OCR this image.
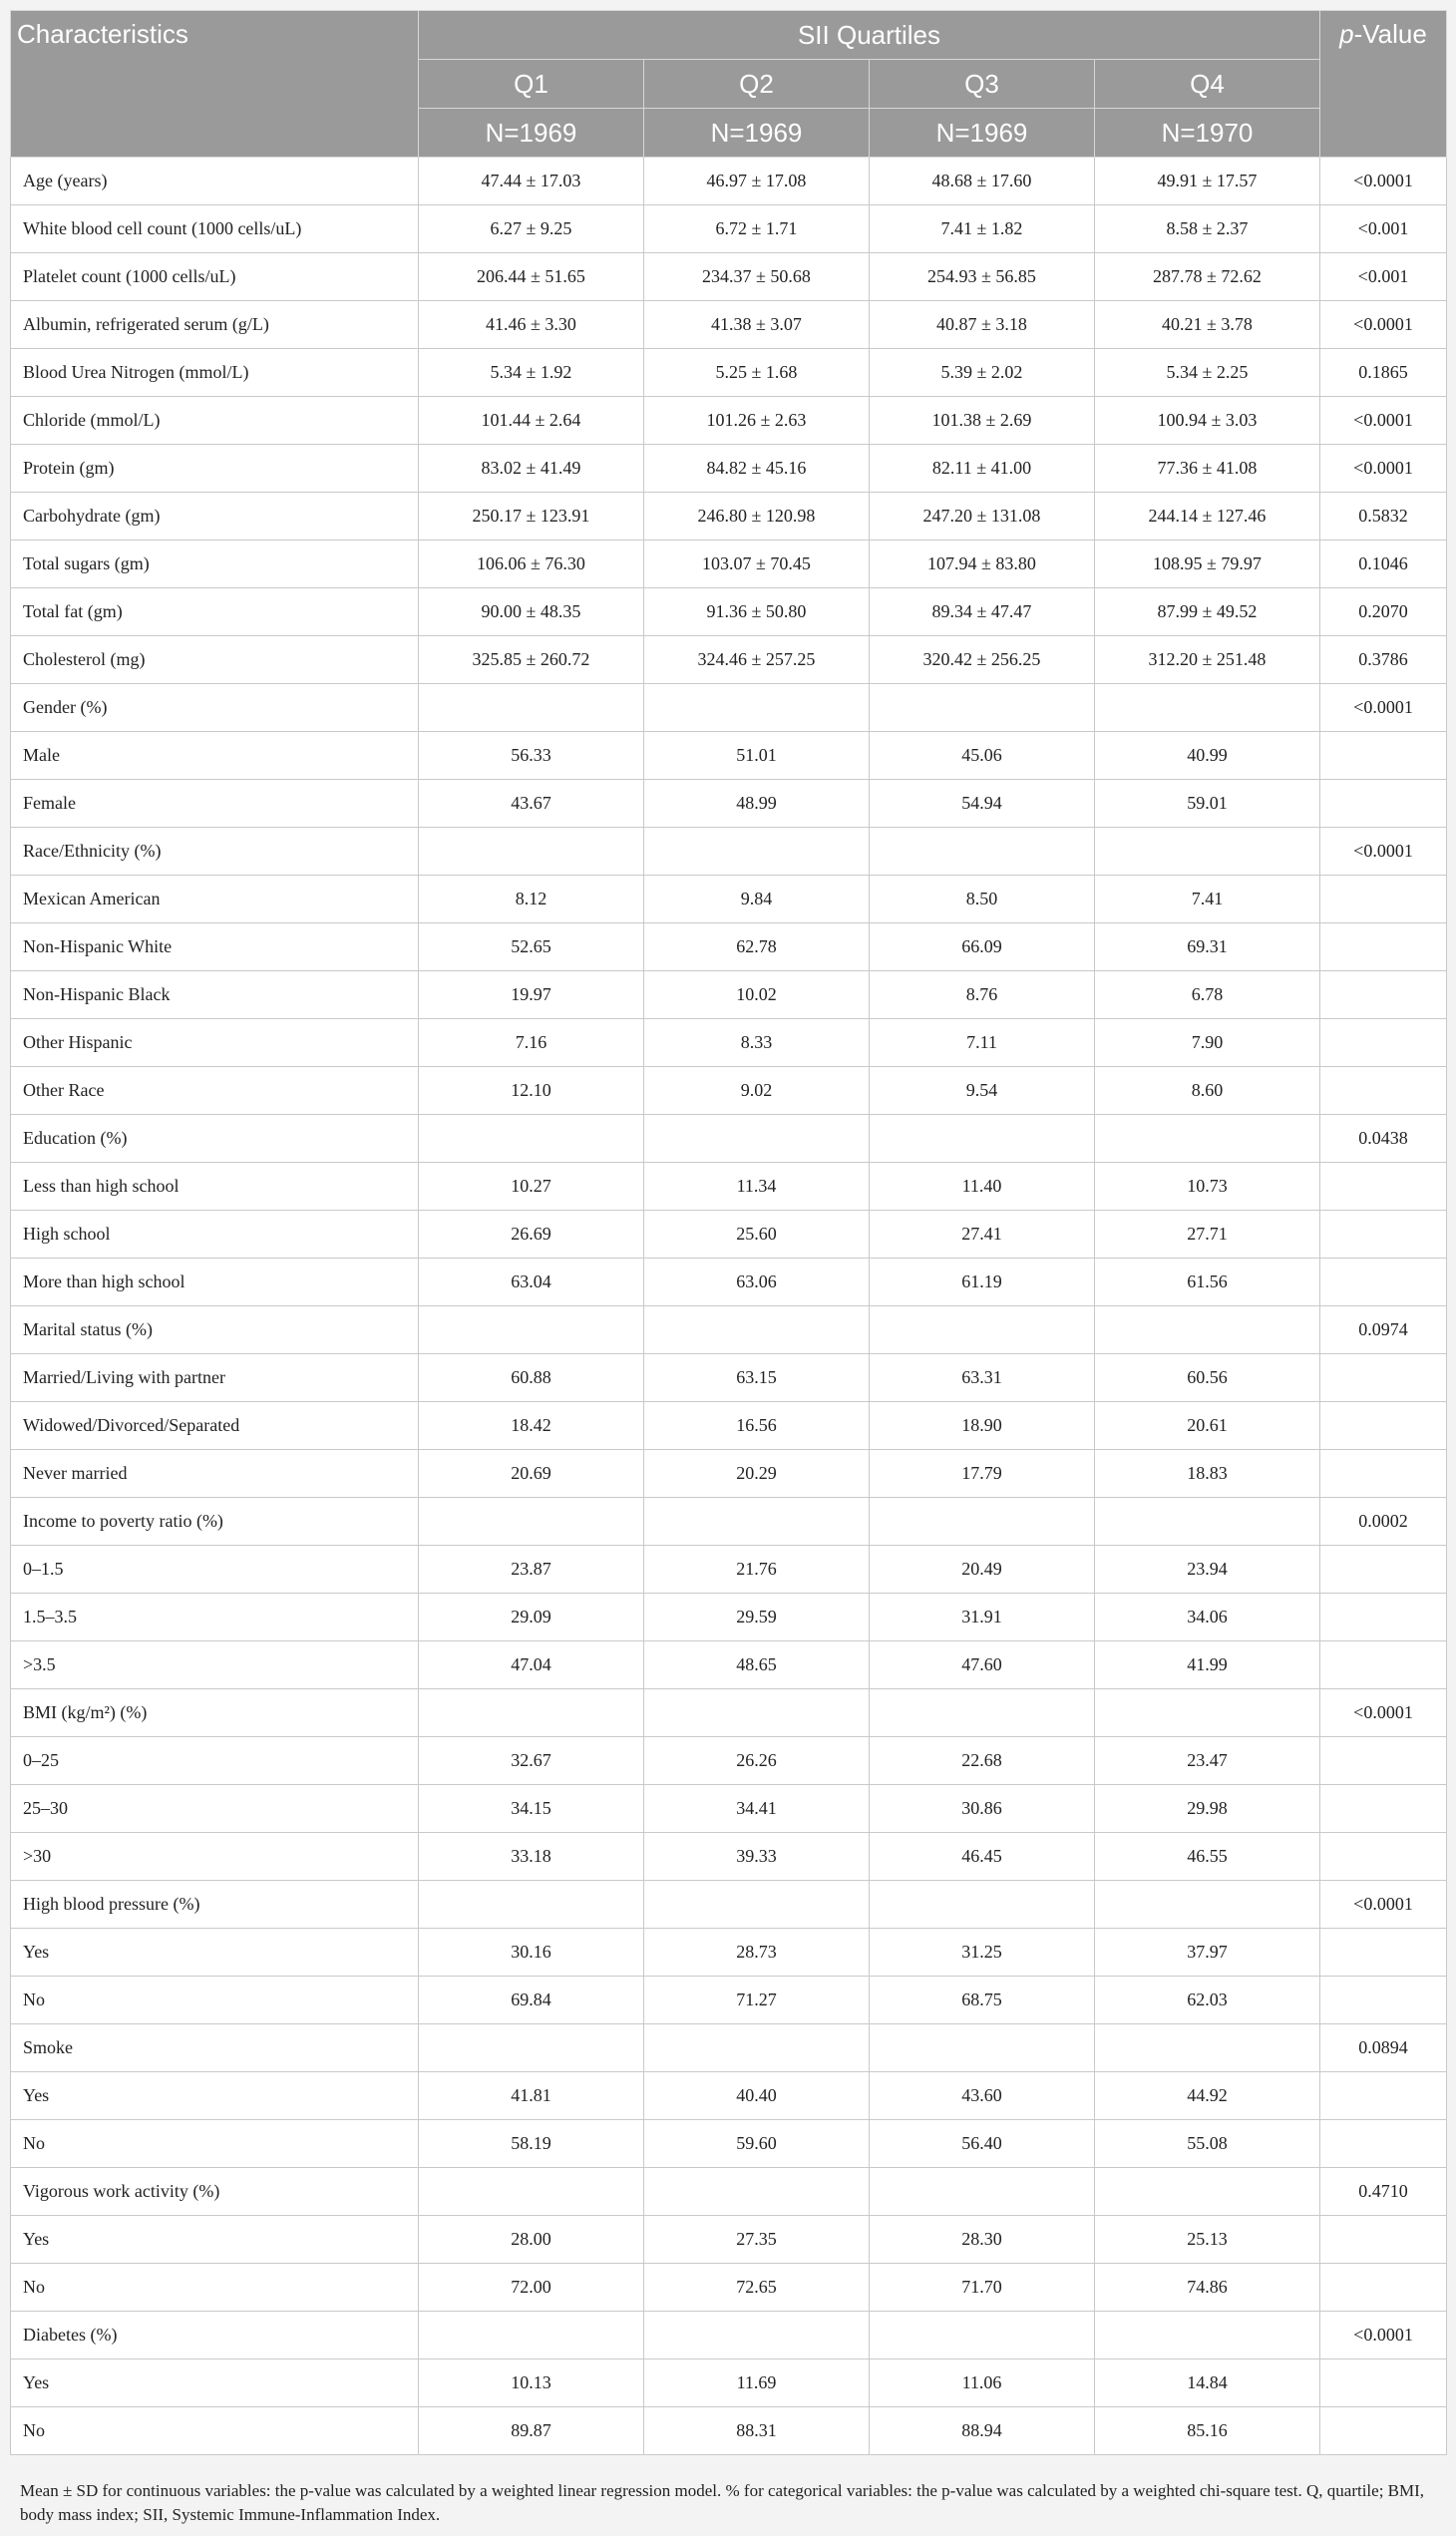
Characteristics	SII Quartiles				p-Value
	Q1	Q2	Q3	Q4	
	N=1969	N=1969	N=1969	N=1970	
Age (years)	47.44 ± 17.03	46.97 ± 17.08	48.68 ± 17.60	49.91 ± 17.57	<0.0001
White blood cell count (1000 cells/uL)	6.27 ± 9.25	6.72 ± 1.71	7.41 ± 1.82	8.58 ± 2.37	<0.001
Platelet count (1000 cells/uL)	206.44 ± 51.65	234.37 ± 50.68	254.93 ± 56.85	287.78 ± 72.62	<0.001
Albumin, refrigerated serum (g/L)	41.46 ± 3.30	41.38 ± 3.07	40.87 ± 3.18	40.21 ± 3.78	<0.0001
Blood Urea Nitrogen (mmol/L)	5.34 ± 1.92	5.25 ± 1.68	5.39 ± 2.02	5.34 ± 2.25	0.1865
Chloride (mmol/L)	101.44 ± 2.64	101.26 ± 2.63	101.38 ± 2.69	100.94 ± 3.03	<0.0001
Protein (gm)	83.02 ± 41.49	84.82 ± 45.16	82.11 ± 41.00	77.36 ± 41.08	<0.0001
Carbohydrate (gm)	250.17 ± 123.91	246.80 ± 120.98	247.20 ± 131.08	244.14 ± 127.46	0.5832
Total sugars (gm)	106.06 ± 76.30	103.07 ± 70.45	107.94 ± 83.80	108.95 ± 79.97	0.1046
Total fat (gm)	90.00 ± 48.35	91.36 ± 50.80	89.34 ± 47.47	87.99 ± 49.52	0.2070
Cholesterol (mg)	325.85 ± 260.72	324.46 ± 257.25	320.42 ± 256.25	312.20 ± 251.48	0.3786
Gender (%)					<0.0001
Male	56.33	51.01	45.06	40.99	
Female	43.67	48.99	54.94	59.01	
Race/Ethnicity (%)					<0.0001
Mexican American	8.12	9.84	8.50	7.41	
Non-Hispanic White	52.65	62.78	66.09	69.31	
Non-Hispanic Black	19.97	10.02	8.76	6.78	
Other Hispanic	7.16	8.33	7.11	7.90	
Other Race	12.10	9.02	9.54	8.60	
Education (%)					0.0438
Less than high school	10.27	11.34	11.40	10.73	
High school	26.69	25.60	27.41	27.71	
More than high school	63.04	63.06	61.19	61.56	
Marital status (%)					0.0974
Married/Living with partner	60.88	63.15	63.31	60.56	
Widowed/Divorced/Separated	18.42	16.56	18.90	20.61	
Never married	20.69	20.29	17.79	18.83	
Income to poverty ratio (%)					0.0002
0–1.5	23.87	21.76	20.49	23.94	
1.5–3.5	29.09	29.59	31.91	34.06	
>3.5	47.04	48.65	47.60	41.99	
BMI (kg/m²) (%)					<0.0001
0–25	32.67	26.26	22.68	23.47	
25–30	34.15	34.41	30.86	29.98	
>30	33.18	39.33	46.45	46.55	
High blood pressure (%)					<0.0001
Yes	30.16	28.73	31.25	37.97	
No	69.84	71.27	68.75	62.03	
Smoke					0.0894
Yes	41.81	40.40	43.60	44.92	
No	58.19	59.60	56.40	55.08	
Vigorous work activity (%)					0.4710
Yes	28.00	27.35	28.30	25.13	
No	72.00	72.65	71.70	74.86	
Diabetes (%)					<0.0001
Yes	10.13	11.69	11.06	14.84	
No	89.87	88.31	88.94	85.16	
Mean ± SD for continuous variables: the p-value was calculated by a weighted linear regression model. % for categorical variables: the p-value was calculated by a weighted chi-square test. Q, quartile; BMI, body mass index; SII, Systemic Immune-Inflammation Index.
